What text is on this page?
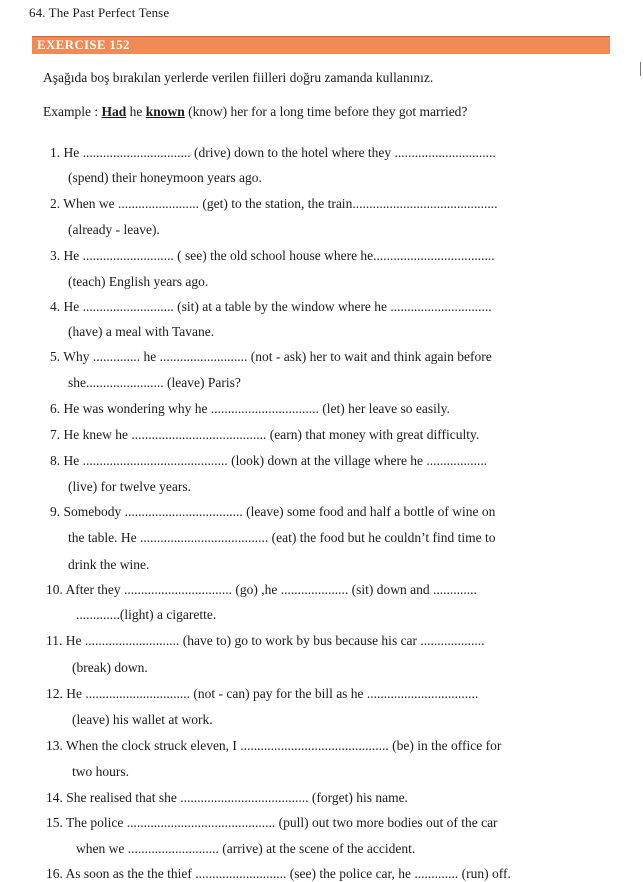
64. The Past Perfect Tense
EXERCISE 152
Aşağıda boş bırakılan yerlerde verilen fiilleri doğru zamanda kullanınız.
Example : Had he known (know) her for a long time before they got married?
1. He ................................ (drive) down to the hotel where they ..............................
(spend) their honeymoon years ago.
2. When we ........................ (get) to the station, the train...........................................
(already - leave).
3. He ........................... ( see) the old school house where he....................................
(teach) English years ago.
4. He ........................... (sit) at a table by the window where he ..............................
(have) a meal with Tavane.
5. Why .............. he .......................... (not - ask) her to wait and think again before
she....................... (leave) Paris?
6. He was wondering why he ................................ (let) her leave so easily.
7. He knew he ........................................ (earn) that money with great difficulty.
8. He ........................................... (look) down at the village where he ..................
(live) for twelve years.
9. Somebody ................................... (leave) some food and half a bottle of wine on
the table. He ...................................... (eat) the food but he couldn’t find time to
drink the wine.
10. After they ................................ (go) ,he .................... (sit) down and .............
.............(light) a cigarette.
11. He ............................ (have to) go to work by bus because his car ...................
(break) down.
12. He ............................... (not - can) pay for the bill as he .................................
(leave) his wallet at work.
13. When the clock struck eleven, I ............................................ (be) in the office for
two hours.
14. She realised that she ...................................... (forget) his name.
15. The police ............................................ (pull) out two more bodies out of the car
when we ........................... (arrive) at the scene of the accident.
16. As soon as the the thief ........................... (see) the police car, he ............. (run) off.
